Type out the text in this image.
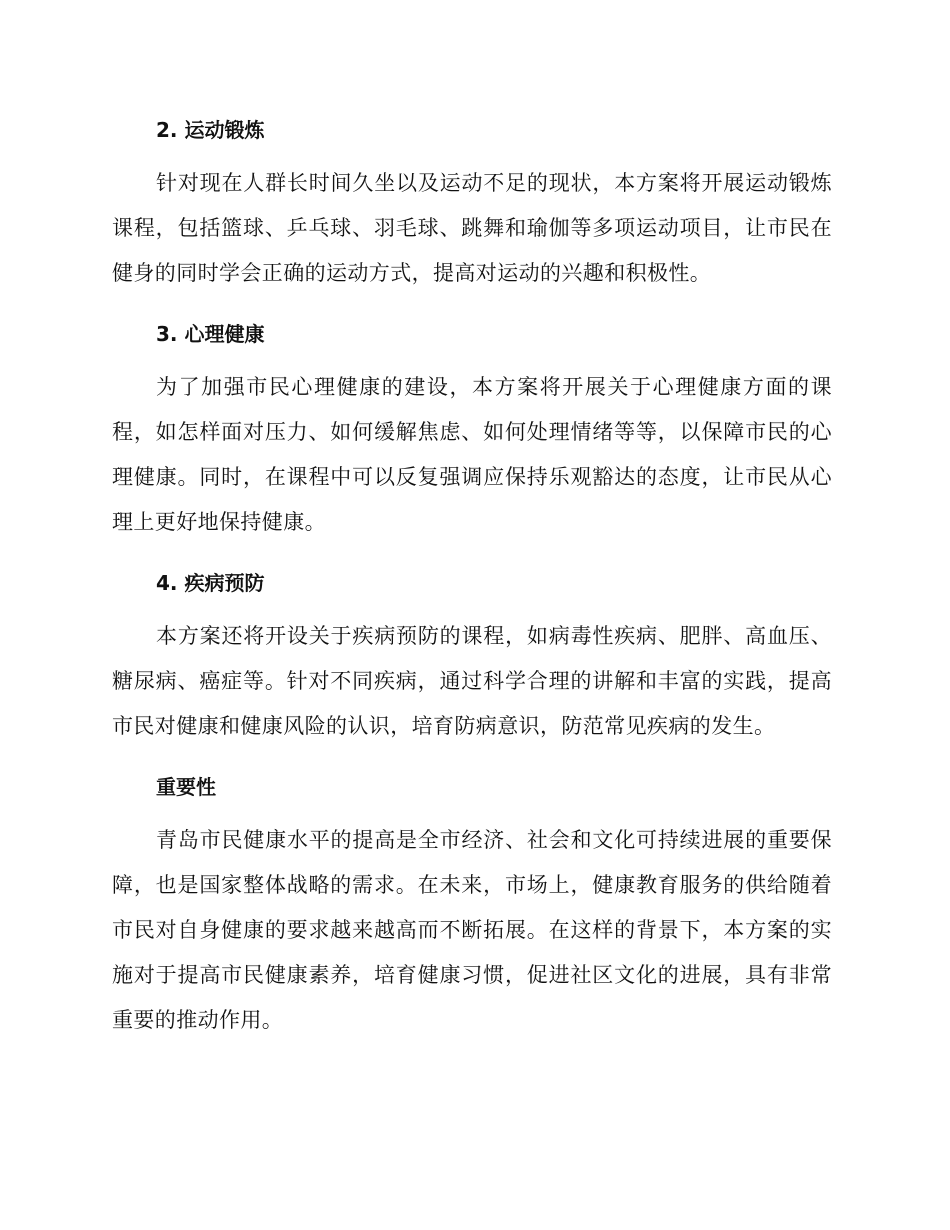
2. 运动锻炼

针对现在人群长时间久坐以及运动不足的现状，本方案将开展运动锻炼课程，包括篮球、乒乓球、羽毛球、跳舞和瑜伽等多项运动项目，让市民在健身的同时学会正确的运动方式，提高对运动的兴趣和积极性。

3. 心理健康

为了加强市民心理健康的建设，本方案将开展关于心理健康方面的课程，如怎样面对压力、如何缓解焦虑、如何处理情绪等等，以保障市民的心理健康。同时，在课程中可以反复强调应保持乐观豁达的态度，让市民从心理上更好地保持健康。

4. 疾病预防

本方案还将开设关于疾病预防的课程，如病毒性疾病、肥胖、高血压、糖尿病、癌症等。针对不同疾病，通过科学合理的讲解和丰富的实践，提高市民对健康和健康风险的认识，培育防病意识，防范常见疾病的发生。

重要性

青岛市民健康水平的提高是全市经济、社会和文化可持续进展的重要保障，也是国家整体战略的需求。在未来，市场上，健康教育服务的供给随着市民对自身健康的要求越来越高而不断拓展。在这样的背景下，本方案的实施对于提高市民健康素养，培育健康习惯，促进社区文化的进展，具有非常重要的推动作用。
